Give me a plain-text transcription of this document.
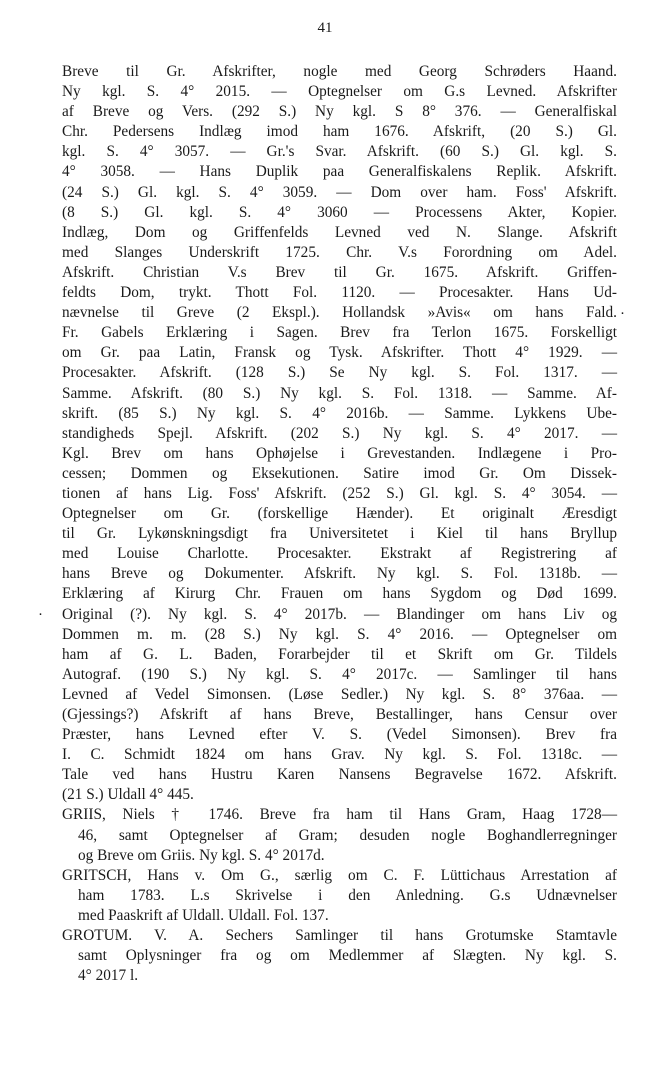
41
·
·
Breve til Gr. Afskrifter, nogle med Georg Schrøders Haand.
Ny kgl. S. 4° 2015. — Optegnelser om G.s Levned. Afskrifter
af Breve og Vers. (292 S.) Ny kgl. S 8° 376. — Generalfiskal
Chr. Pedersens Indlæg imod ham 1676. Afskrift, (20 S.) Gl.
kgl. S. 4° 3057. — Gr.'s Svar. Afskrift. (60 S.) Gl. kgl. S.
4° 3058. — Hans Duplik paa Generalfiskalens Replik. Afskrift.
(24 S.) Gl. kgl. S. 4° 3059. — Dom over ham. Foss' Afskrift.
(8 S.) Gl. kgl. S. 4° 3060 — Processens Akter, Kopier.
Indlæg, Dom og Griffenfelds Levned ved N. Slange. Afskrift
med Slanges Underskrift 1725. Chr. V.s Forordning om Adel.
Afskrift. Christian V.s Brev til Gr. 1675. Afskrift. Griffen-
feldts Dom, trykt. Thott Fol. 1120. — Procesakter. Hans Ud-
nævnelse til Greve (2 Ekspl.). Hollandsk »Avis« om hans Fald.
Fr. Gabels Erklæring i Sagen. Brev fra Terlon 1675. Forskelligt
om Gr. paa Latin, Fransk og Tysk. Afskrifter. Thott 4° 1929. —
Procesakter. Afskrift. (128 S.) Se Ny kgl. S. Fol. 1317. —
Samme. Afskrift. (80 S.) Ny kgl. S. Fol. 1318. — Samme. Af-
skrift. (85 S.) Ny kgl. S. 4° 2016b. — Samme. Lykkens Ube-
standigheds Spejl. Afskrift. (202 S.) Ny kgl. S. 4° 2017. —
Kgl. Brev om hans Ophøjelse i Grevestanden. Indlægene i Pro-
cessen; Dommen og Eksekutionen. Satire imod Gr. Om Dissek-
tionen af hans Lig. Foss' Afskrift. (252 S.) Gl. kgl. S. 4° 3054. —
Optegnelser om Gr. (forskellige Hænder). Et originalt Æresdigt
til Gr. Lykønskningsdigt fra Universitetet i Kiel til hans Bryllup
med Louise Charlotte. Procesakter. Ekstrakt af Registrering af
hans Breve og Dokumenter. Afskrift. Ny kgl. S. Fol. 1318b. —
Erklæring af Kirurg Chr. Frauen om hans Sygdom og Død 1699.
Original (?). Ny kgl. S. 4° 2017b. — Blandinger om hans Liv og
Dommen m. m. (28 S.) Ny kgl. S. 4° 2016. — Optegnelser om
ham af G. L. Baden, Forarbejder til et Skrift om Gr. Tildels
Autograf. (190 S.) Ny kgl. S. 4° 2017c. — Samlinger til hans
Levned af Vedel Simonsen. (Løse Sedler.) Ny kgl. S. 8° 376aa. —
(Gjessings?) Afskrift af hans Breve, Bestallinger, hans Censur over
Præster, hans Levned efter V. S. (Vedel Simonsen). Brev fra
I. C. Schmidt 1824 om hans Grav. Ny kgl. S. Fol. 1318c. —
Tale ved hans Hustru Karen Nansens Begravelse 1672. Afskrift.
(21 S.) Uldall 4° 445.
GRIIS, Niels † 1746. Breve fra ham til Hans Gram, Haag 1728—
46, samt Optegnelser af Gram; desuden nogle Boghandlerregninger
og Breve om Griis. Ny kgl. S. 4° 2017d.
GRITSCH, Hans v. Om G., særlig om C. F. Lüttichaus Arrestation af
ham 1783. L.s Skrivelse i den Anledning. G.s Udnævnelser
med Paaskrift af Uldall. Uldall. Fol. 137.
GROTUM. V. A. Sechers Samlinger til hans Grotumske Stamtavle
samt Oplysninger fra og om Medlemmer af Slægten. Ny kgl. S.
4° 2017 l.
